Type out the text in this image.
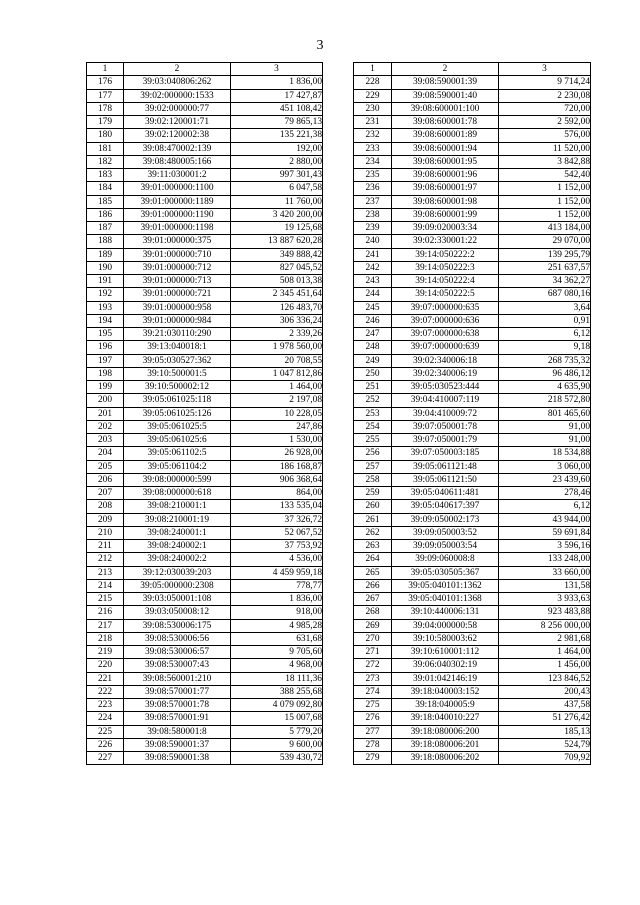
3
1	2	3
176	39:03:040806:262	1 836,00
177	39:02:000000:1533	17 427,87
178	39:02:000000:77	451 108,42
179	39:02:120001:71	79 865,13
180	39:02:120002:38	135 221,38
181	39:08:470002:139	192,00
182	39:08:480005:166	2 880,00
183	39:11:030001:2	997 301,43
184	39:01:000000:1100	6 047,58
185	39:01:000000:1189	11 760,00
186	39:01:000000:1190	3 420 200,00
187	39:01:000000:1198	19 125,68
188	39:01:000000:375	13 887 620,28
189	39:01:000000:710	349 888,42
190	39:01:000000:712	827 045,52
191	39:01:000000:713	508 013,38
192	39:01:000000:721	2 345 451,64
193	39:01:000000:958	126 483,70
194	39:01:000000:984	306 336,24
195	39:21:030110:290	2 339,26
196	39:13:040018:1	1 978 560,00
197	39:05:030527:362	20 708,55
198	39:10:500001:5	1 047 812,86
199	39:10:500002:12	1 464,00
200	39:05:061025:118	2 197,08
201	39:05:061025:126	10 228,05
202	39:05:061025:5	247,86
203	39:05:061025:6	1 530,00
204	39:05:061102:5	26 928,00
205	39:05:061104:2	186 168,87
206	39:08:000000:599	906 368,64
207	39:08:000000:618	864,00
208	39:08:210001:1	133 535,04
209	39:08:210001:19	37 326,72
210	39:08:240001:1	52 067,52
211	39:08:240002:1	37 753,92
212	39:08:240002:2	4 536,00
213	39:12:030039:203	4 459 959,18
214	39:05:000000:2308	778,77
215	39:03:050001:108	1 836,00
216	39:03:050008:12	918,00
217	39:08:530006:175	4 985,28
218	39:08:530006:56	631,68
219	39:08:530006:57	9 705,60
220	39:08:530007:43	4 968,00
221	39:08:560001:210	18 111,36
222	39:08:570001:77	388 255,68
223	39:08:570001:78	4 079 092,80
224	39:08:570001:91	15 007,68
225	39:08:580001:8	5 779,20
226	39:08:590001:37	9 600,00
227	39:08:590001:38	539 430,72
1	2	3
228	39:08:590001:39	9 714,24
229	39:08:590001:40	2 230,08
230	39:08:600001:100	720,00
231	39:08:600001:78	2 592,00
232	39:08:600001:89	576,00
233	39:08:600001:94	11 520,00
234	39:08:600001:95	3 842,88
235	39:08:600001:96	542,40
236	39:08:600001:97	1 152,00
237	39:08:600001:98	1 152,00
238	39:08:600001:99	1 152,00
239	39:09:020003:34	413 184,00
240	39:02:330001:22	29 070,00
241	39:14:050222:2	139 295,79
242	39:14:050222:3	251 637,57
243	39:14:050222:4	34 362,27
244	39:14:050222:5	687 080,16
245	39:07:000000:635	3,64
246	39:07:000000:636	0,91
247	39:07:000000:638	6,12
248	39:07:000000:639	9,18
249	39:02:340006:18	268 735,32
250	39:02:340006:19	96 486,12
251	39:05:030523:444	4 635,90
252	39:04:410007:119	218 572,80
253	39:04:410009:72	801 465,60
254	39:07:050001:78	91,00
255	39:07:050001:79	91,00
256	39:07:050003:185	18 534,88
257	39:05:061121:48	3 060,00
258	39:05:061121:50	23 439,60
259	39:05:040611:481	278,46
260	39:05:040617:397	6,12
261	39:09:050002:173	43 944,00
262	39:09:050003:52	59 691,84
263	39:09:050003:54	3 596,16
264	39:09:060008:8	133 248,00
265	39:05:030505:367	33 660,00
266	39:05:040101:1362	131,58
267	39:05:040101:1368	3 933,63
268	39:10:440006:131	923 483,88
269	39:04:000000:58	8 256 000,00
270	39:10:580003:62	2 981,68
271	39:10:610001:112	1 464,00
272	39:06:040302:19	1 456,00
273	39:01:042146:19	123 846,52
274	39:18:040003:152	200,43
275	39:18:040005:9	437,58
276	39:18:040010:227	51 276,42
277	39:18:080006:200	185,13
278	39:18:080006:201	524,79
279	39:18:080006:202	709,92
